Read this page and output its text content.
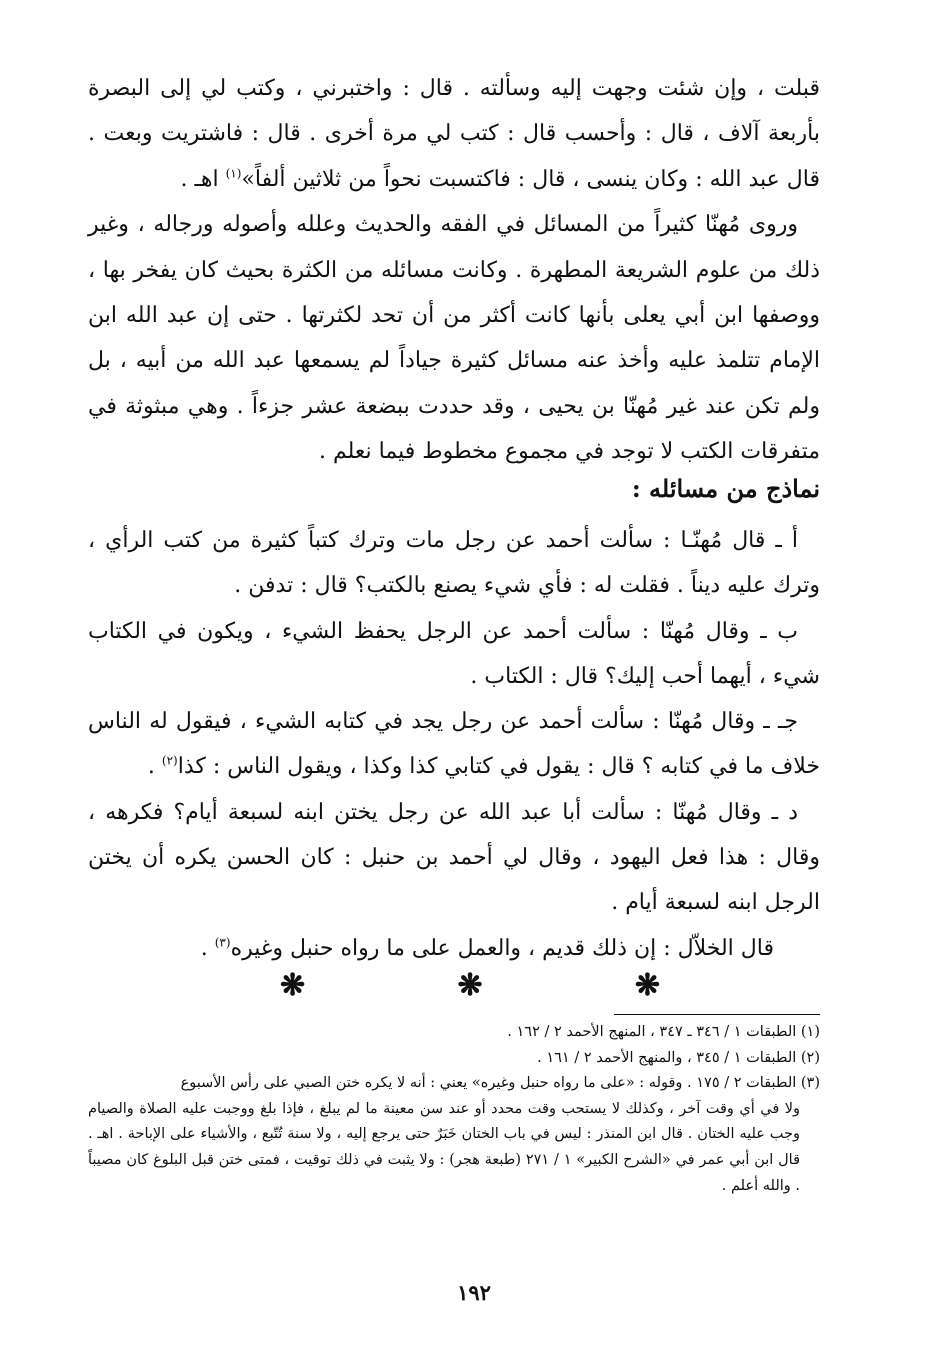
قبلت ، وإن شئت وجهت إليه وسألته . قال : واختبرني ، وكتب لي إلى البصرة بأربعة آلاف ، قال : وأحسب قال : كتب لي مرة أخرى . قال : فاشتريت وبعت . قال عبد الله : وكان ينسى ، قال : فاكتسبت نحواً من ثلاثين ألفاً»$^{(١)}$ اهـ .

وروى مُهنّا كثيراً من المسائل في الفقه والحديث وعلله وأصوله ورجاله ، وغير ذلك من علوم الشريعة المطهرة . وكانت مسائله من الكثرة بحيث كان يفخر بها ، ووصفها ابن أبي يعلى بأنها كانت أكثر من أن تحد لكثرتها . حتى إن عبد الله ابن الإمام تتلمذ عليه وأخذ عنه مسائل كثيرة جياداً لم يسمعها عبد الله من أبيه ، بل ولم تكن عند غير مُهنّا بن يحيى ، وقد حددت ببضعة عشر جزءاً . وهي مبثوثة في متفرقات الكتب لا توجد في مجموع مخطوط فيما نعلم .

نماذج من مسائله :

أ ـ قال مُهنّـا : سألت أحمد عن رجل مات وترك كتباً كثيرة من كتب الرأي ، وترك عليه ديناً . فقلت له : فأي شيء يصنع بالكتب؟ قال : تدفن .

ب ـ وقال مُهنّا : سألت أحمد عن الرجل يحفظ الشيء ، ويكون في الكتاب شيء ، أيهما أحب إليك؟ قال : الكتاب .

جـ ـ وقال مُهنّا : سألت أحمد عن رجل يجد في كتابه الشيء ، فيقول له الناس خلاف ما في كتابه ؟ قال : يقول في كتابي كذا وكذا ، ويقول الناس : كذا$^{(٢)}$ .

د ـ وقال مُهنّا : سألت أبا عبد الله عن رجل يختن ابنه لسبعة أيام؟ فكرهه ، وقال : هذا فعل اليهود ، وقال لي أحمد بن حنبل : كان الحسن يكره أن يختن الرجل ابنه لسبعة أيام .

قال الخلاّل : إن ذلك قديم ، والعمل على ما رواه حنبل وغيره$^{(٣)}$ .

❋
❋
❋

(١) الطبقات ١ / ٣٤٦ ـ ٣٤٧ ، المنهج الأحمد ٢ / ١٦٢ .

(٢) الطبقات ١ / ٣٤٥ ، والمنهج الأحمد ٢ / ١٦١ .

(٣) الطبقات ٢ / ١٧٥ . وقوله : «على ما رواه حنبل وغيره» يعني : أنه لا يكره ختن الصبي على رأس الأسبوع

ولا في أي وقت آخر ، وكذلك لا يستحب وقت محدد أو عند سن معينة ما لم يبلغ ، فإذا بلغ ووجبت عليه الصلاة والصيام وجب عليه الختان . قال ابن المنذر : ليس في باب الختان خَبَرٌ حتى يرجع إليه ، ولا سنة تُتّبع ، والأشياء على الإباحة . اهـ . قال ابن أبي عمر في «الشرح الكبير» ١ / ٢٧١ (طبعة هجر) : ولا يثبت في ذلك توقيت ، فمتى ختن قبل البلوغ كان مصيباً . والله أعلم .

١٩٢
